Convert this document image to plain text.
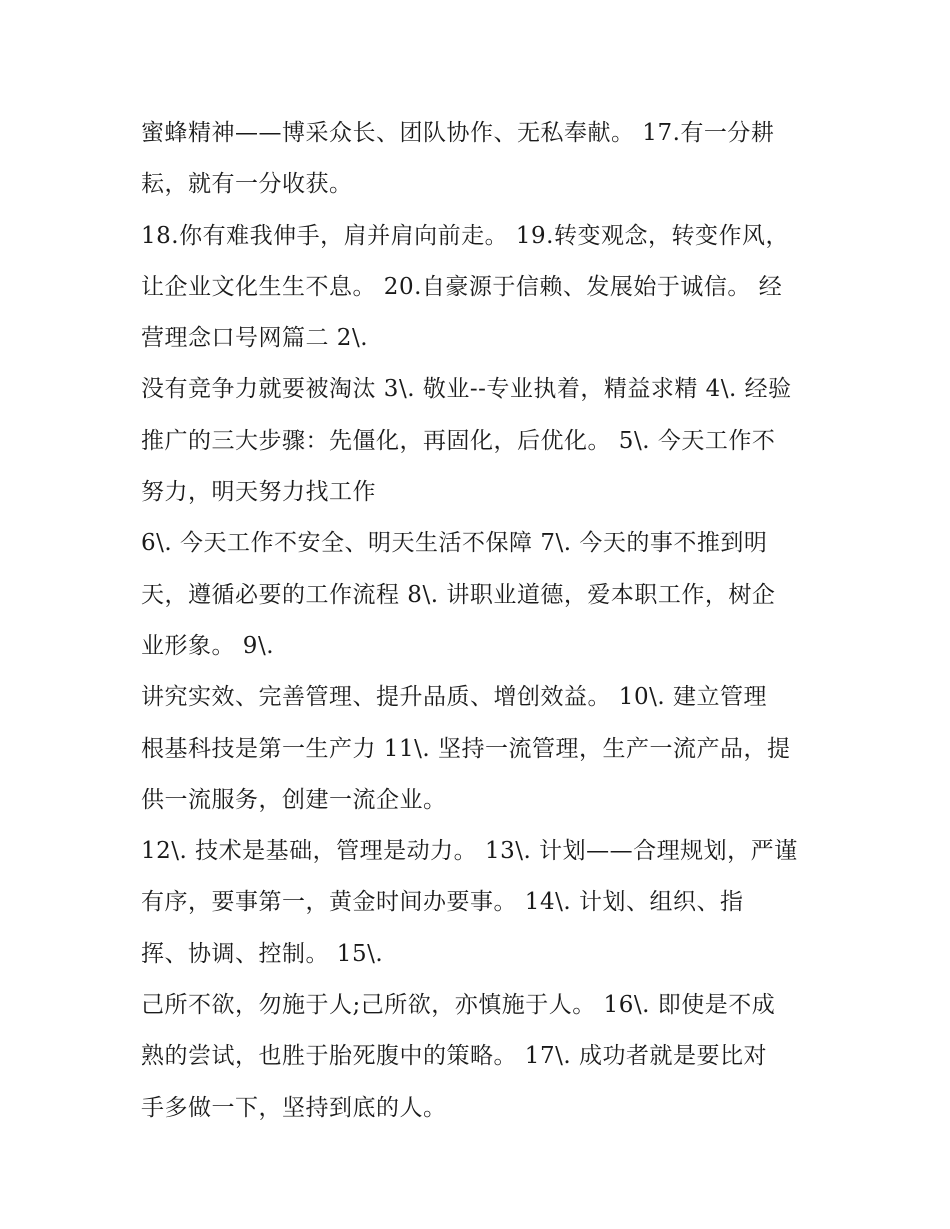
蜜蜂精神——博采众长、团队协作、无私奉献。 17.有一分耕
耘，就有一分收获。
18.你有难我伸手，肩并肩向前走。 19.转变观念，转变作风，
让企业文化生生不息。 20.自豪源于信赖、发展始于诚信。 经
营理念口号网篇二 2\.
没有竞争力就要被淘汰 3\. 敬业--专业执着，精益求精 4\. 经验
推广的三大步骤：先僵化，再固化，后优化。 5\. 今天工作不
努力，明天努力找工作
6\. 今天工作不安全、明天生活不保障 7\. 今天的事不推到明
天，遵循必要的工作流程 8\. 讲职业道德，爱本职工作，树企
业形象。 9\.
讲究实效、完善管理、提升品质、增创效益。 10\. 建立管理
根基科技是第一生产力 11\. 坚持一流管理，生产一流产品，提
供一流服务，创建一流企业。
12\. 技术是基础，管理是动力。 13\. 计划——合理规划，严谨
有序，要事第一，黄金时间办要事。 14\. 计划、组织、指
挥、协调、控制。 15\.
己所不欲，勿施于人;己所欲，亦慎施于人。 16\. 即使是不成
熟的尝试，也胜于胎死腹中的策略。 17\. 成功者就是要比对
手多做一下，坚持到底的人。
